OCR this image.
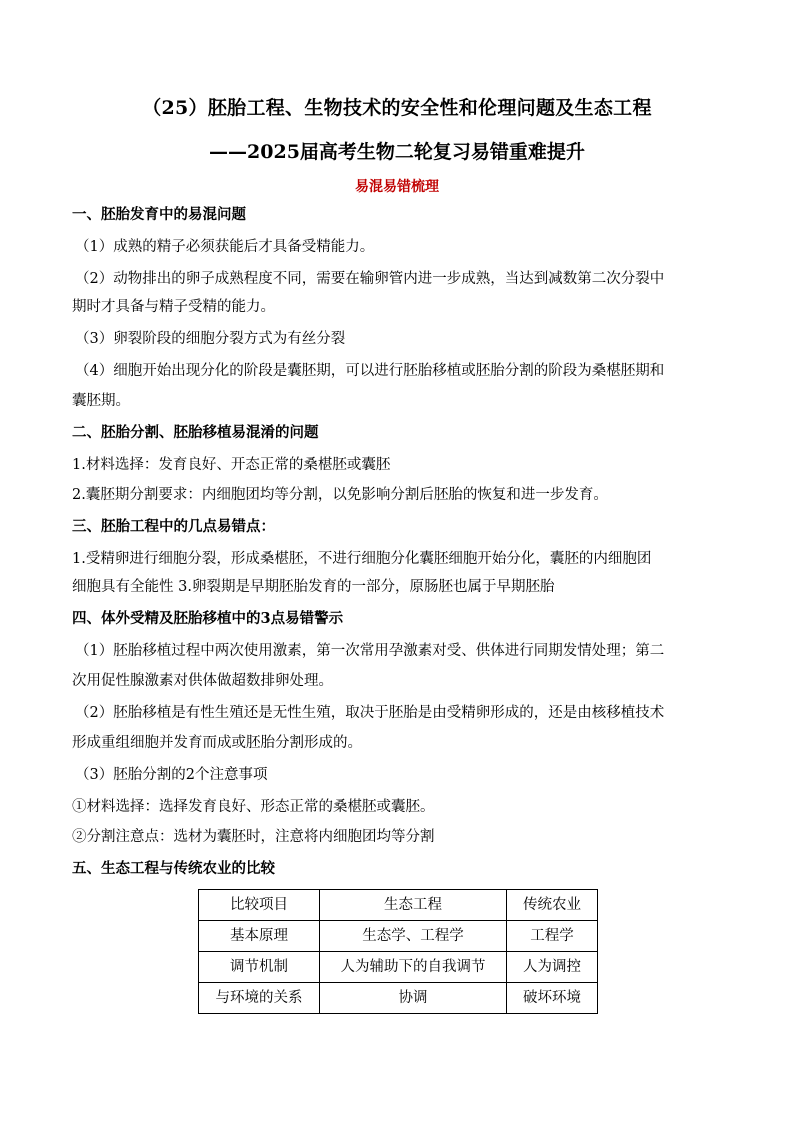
（25）胚胎工程、生物技术的安全性和伦理问题及生态工程
——2025届高考生物二轮复习易错重难提升
易混易错梳理
一、胚胎发育中的易混问题
（1）成熟的精子必须获能后才具备受精能力。
（2）动物排出的卵子成熟程度不同，需要在输卵管内进一步成熟，当达到减数第二次分裂中
期时才具备与精子受精的能力。
（3）卵裂阶段的细胞分裂方式为有丝分裂
（4）细胞开始出现分化的阶段是囊胚期，可以进行胚胎移植或胚胎分割的阶段为桑椹胚期和
囊胚期。
二、胚胎分割、胚胎移植易混淆的问题
1.材料选择：发育良好、开态正常的桑椹胚或囊胚
2.囊胚期分割要求：内细胞团均等分割，以免影响分割后胚胎的恢复和进一步发育。
三、胚胎工程中的几点易错点：
1.受精卵进行细胞分裂，形成桑椹胚，不进行细胞分化囊胚细胞开始分化，囊胚的内细胞团
细胞具有全能性 3.卵裂期是早期胚胎发育的一部分，原肠胚也属于早期胚胎
四、体外受精及胚胎移植中的3点易错警示
（1）胚胎移植过程中两次使用激素，第一次常用孕激素对受、供体进行同期发情处理；第二
次用促性腺激素对供体做超数排卵处理。
（2）胚胎移植是有性生殖还是无性生殖，取决于胚胎是由受精卵形成的，还是由核移植技术
形成重组细胞并发育而成或胚胎分割形成的。
（3）胚胎分割的2个注意事项
①材料选择：选择发育良好、形态正常的桑椹胚或囊胚。
②分割注意点：选材为囊胚时，注意将内细胞团均等分割
五、生态工程与传统农业的比较
比较项目	生态工程	传统农业
基本原理	生态学、工程学	工程学
调节机制	人为辅助下的自我调节	人为调控
与环境的关系	协调	破坏环境
